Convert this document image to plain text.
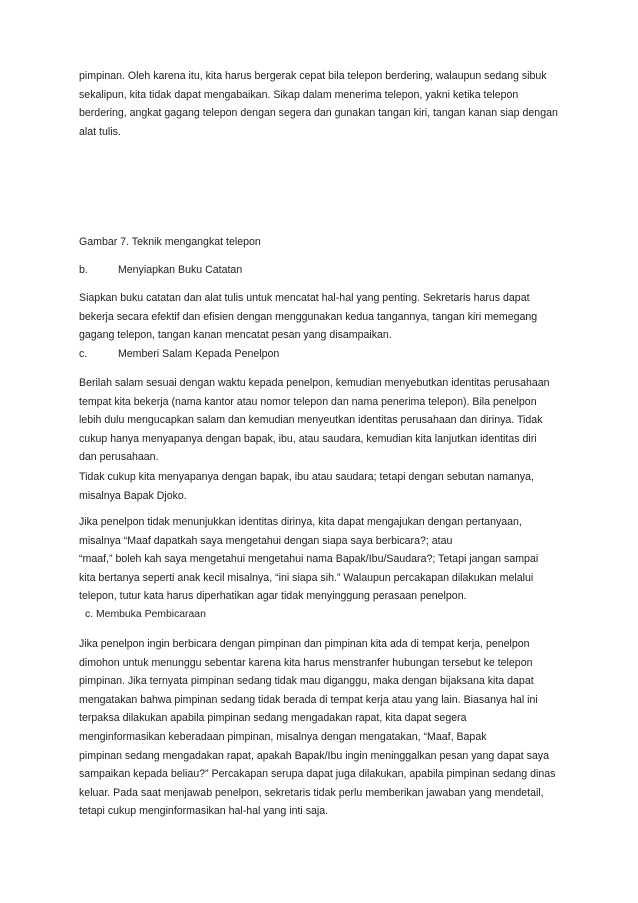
pimpinan. Oleh karena itu, kita harus bergerak cepat bila telepon berdering, walaupun sedang sibuk
sekalipun, kita tidak dapat mengabaikan. Sikap dalam menerima telepon, yakni ketika telepon
berdering, angkat gagang telepon dengan segera dan gunakan tangan kiri, tangan kanan siap dengan
alat tulis.
Gambar 7. Teknik mengangkat telepon
b.	Menyiapkan Buku Catatan
Siapkan buku catatan dan alat tulis untuk mencatat hal-hal yang penting. Sekretaris harus dapat
bekerja secara efektif dan efisien dengan menggunakan kedua tangannya, tangan kiri memegang
gagang telepon, tangan kanan mencatat pesan yang disampaikan.
c.	Memberi Salam Kepada Penelpon
Berilah salam sesuai dengan waktu kepada penelpon, kemudian menyebutkan identitas perusahaan
tempat kita bekerja (nama kantor atau nomor telepon dan nama penerima telepon). Bila penelpon
lebih dulu mengucapkan salam dan kemudian menyeutkan identitas perusahaan dan dirinya. Tidak
cukup hanya menyapanya dengan bapak, ibu, atau saudara, kemudian kita lanjutkan identitas diri
dan perusahaan.
Tidak cukup kita menyapanya dengan bapak, ibu atau saudara; tetapi dengan sebutan namanya,
misalnya Bapak Djoko.
Jika penelpon tidak menunjukkan identitas dirinya, kita dapat mengajukan dengan pertanyaan,
misalnya “Maaf dapatkah saya mengetahui dengan siapa saya berbicara?; atau
“maaf,” boleh kah saya mengetahui mengetahui nama Bapak/Ibu/Saudara?; Tetapi jangan sampai
kita bertanya seperti anak kecil misalnya, “ini siapa sih.” Walaupun percakapan dilakukan melalui
telepon, tutur kata harus diperhatikan agar tidak menyinggung perasaan penelpon.
c. Membuka Pembicaraan
Jika penelpon ingin berbicara dengan pimpinan dan pimpinan kita ada di tempat kerja, penelpon
dimohon untuk menunggu sebentar karena kita harus menstranfer hubungan tersebut ke telepon
pimpinan. Jika ternyata pimpinan sedang tidak mau diganggu, maka dengan bijaksana kita dapat
mengatakan bahwa pimpinan sedang tidak berada di tempat kerja atau yang lain. Biasanya hal ini
terpaksa dilakukan apabila pimpinan sedang mengadakan rapat, kita dapat segera
menginformasikan keberadaan pimpinan, misalnya dengan mengatakan, “Maaf, Bapak
pimpinan sedang mengadakan rapat, apakah Bapak/Ibu ingin meninggalkan pesan yang dapat saya
sampaikan kepada beliau?” Percakapan serupa dapat juga dilakukan, apabila pimpinan sedang dinas
keluar. Pada saat menjawab penelpon, sekretaris tidak perlu memberikan jawaban yang mendetail,
tetapi cukup menginformasikan hal-hal yang inti saja.
